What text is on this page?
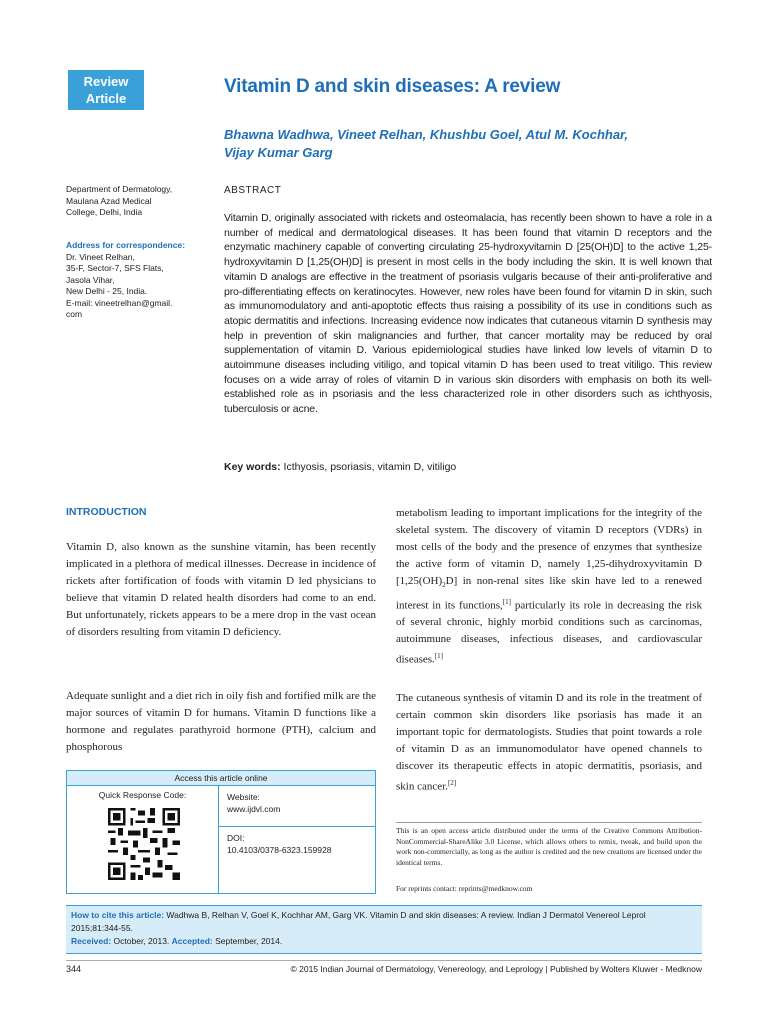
Review
Article
Vitamin D and skin diseases: A review
Bhawna Wadhwa, Vineet Relhan, Khushbu Goel, Atul M. Kochhar,
Vijay Kumar Garg
Department of Dermatology,
Maulana Azad Medical
College, Delhi, India
Address for correspondence:
Dr. Vineet Relhan,
35-F, Sector-7, SFS Flats,
Jasola Vihar,
New Delhi - 25, India.
E-mail: vineetrelhan@gmail.
com
ABSTRACT
Vitamin D, originally associated with rickets and osteomalacia, has recently been shown to have a role in a number of medical and dermatological diseases. It has been found that vitamin D receptors and the enzymatic machinery capable of converting circulating 25-hydroxyvitamin D [25(OH)D] to the active 1,25-hydroxyvitamin D [1,25(OH)D] is present in most cells in the body including the skin. It is well known that vitamin D analogs are effective in the treatment of psoriasis vulgaris because of their anti-proliferative and pro-differentiating effects on keratinocytes. However, new roles have been found for vitamin D in skin, such as immunomodulatory and anti-apoptotic effects thus raising a possibility of its use in conditions such as atopic dermatitis and infections. Increasing evidence now indicates that cutaneous vitamin D synthesis may help in prevention of skin malignancies and further, that cancer mortality may be reduced by oral supplementation of vitamin D. Various epidemiological studies have linked low levels of vitamin D to autoimmune diseases including vitiligo, and topical vitamin D has been used to treat vitiligo. This review focuses on a wide array of roles of vitamin D in various skin disorders with emphasis on both its well-established role as in psoriasis and the less characterized role in other disorders such as ichthyosis, tuberculosis or acne.
Key words: Icthyosis, psoriasis, vitamin D, vitiligo
INTRODUCTION
Vitamin D, also known as the sunshine vitamin, has been recently implicated in a plethora of medical illnesses. Decrease in incidence of rickets after fortification of foods with vitamin D led physicians to believe that vitamin D related health disorders had come to an end. But unfortunately, rickets appears to be a mere drop in the vast ocean of disorders resulting from vitamin D deficiency.
Adequate sunlight and a diet rich in oily fish and fortified milk are the major sources of vitamin D for humans. Vitamin D functions like a hormone and regulates parathyroid hormone (PTH), calcium and phosphorous
metabolism leading to important implications for the integrity of the skeletal system. The discovery of vitamin D receptors (VDRs) in most cells of the body and the presence of enzymes that synthesize the active form of vitamin D, namely 1,25-dihydroxyvitamin D $[1,25(OH)_2D]$ in non-renal sites like skin have led to a renewed interest in its functions,[1] particularly its role in decreasing the risk of several chronic, highly morbid conditions such as carcinomas, autoimmune diseases, infectious diseases, and cardiovascular diseases.[1]
The cutaneous synthesis of vitamin D and its role in the treatment of certain common skin disorders like psoriasis has made it an important topic for dermatologists. Studies that point towards a role of vitamin D as an immunomodulator have opened channels to discover its therapeutic effects in atopic dermatitis, psoriasis, and skin cancer.[2]
Access this article online
Quick Response Code:	Website:
www.ijdvl.com
DOI:
10.4103/0378-6323.159928
This is an open access article distributed under the terms of the Creative Commons Attribution-NonCommercial-ShareAlike 3.0 License, which allows others to remix, tweak, and build upon the work non-commercially, as long as the author is credited and the new creations are licensed under the identical terms.
For reprints contact: reprints@medknow.com
How to cite this article: Wadhwa B, Relhan V, Goel K, Kochhar AM, Garg VK. Vitamin D and skin diseases: A review. Indian J Dermatol Venereol Leprol 2015;81:344-55.
Received: October, 2013. Accepted: September, 2014.
344	© 2015 Indian Journal of Dermatology, Venereology, and Leprology | Published by Wolters Kluwer - Medknow
